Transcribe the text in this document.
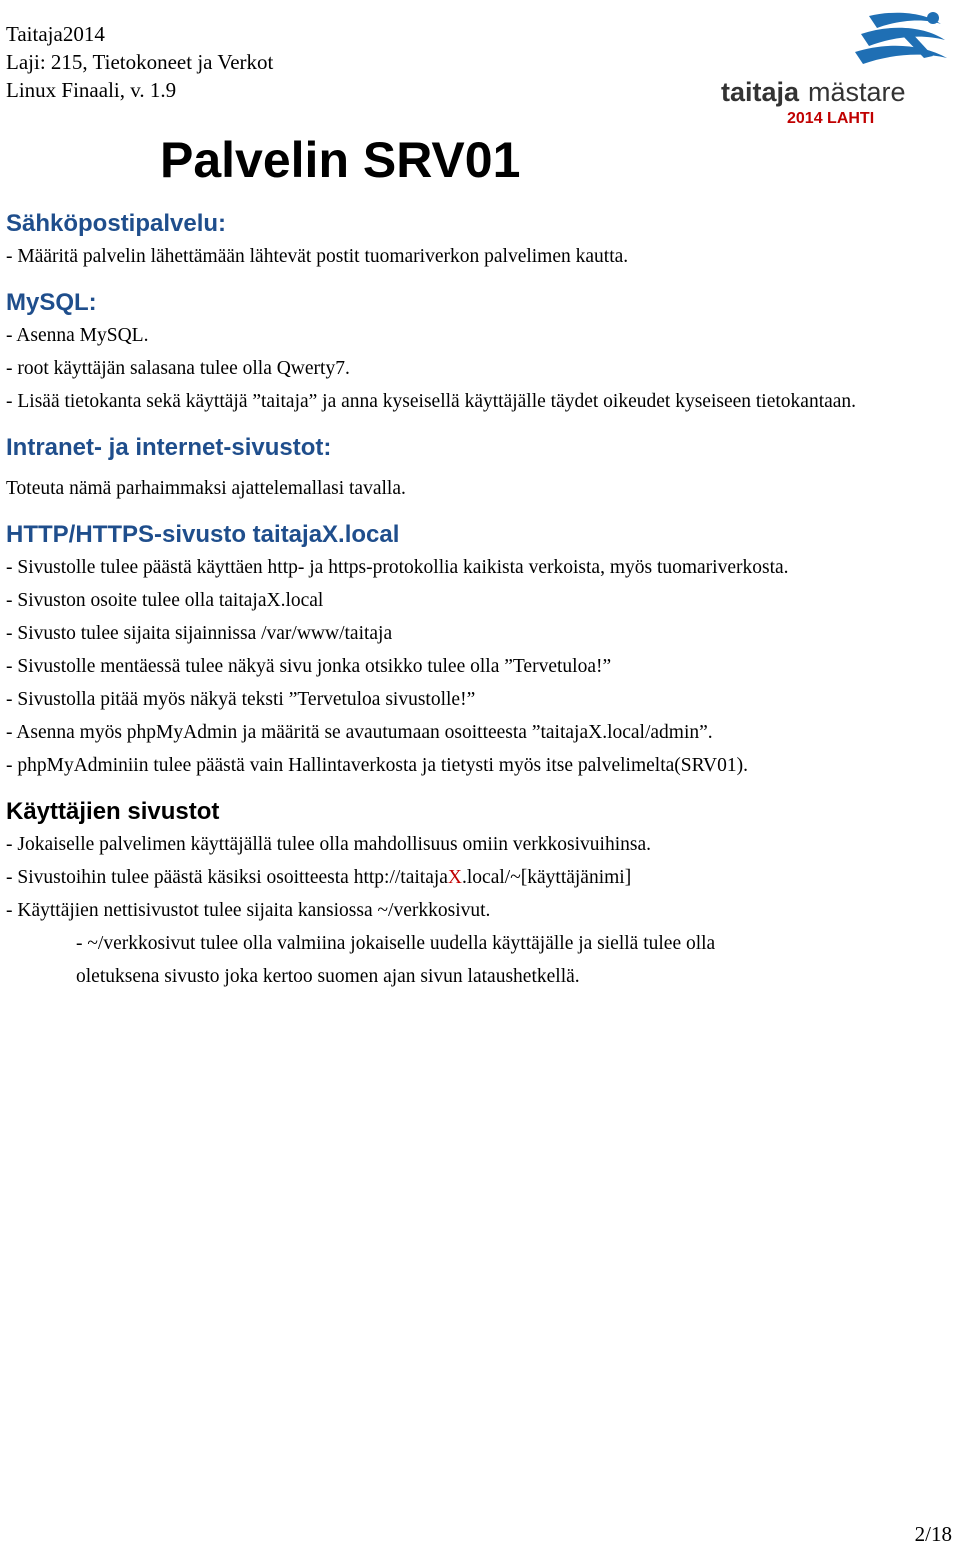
Taitaja2014
Laji: 215, Tietokoneet ja Verkot
Linux Finaali, v. 1.9	taitaja mästare
2014 LAHTI
Palvelin SRV01
Sähköpostipalvelu:

- Määritä palvelin lähettämään lähtevät postit tuomariverkon palvelimen kautta.

MySQL:

- Asenna MySQL.

- root käyttäjän salasana tulee olla Qwerty7.

- Lisää tietokanta sekä käyttäjä ”taitaja” ja anna kyseisellä käyttäjälle täydet oikeudet kyseiseen tietokantaan.

Intranet- ja internet-sivustot:

Toteuta nämä parhaimmaksi ajattelemallasi tavalla.

HTTP/HTTPS-sivusto taitajaX.local

- Sivustolle tulee päästä käyttäen http- ja https-protokollia kaikista verkoista, myös tuomariverkosta.

- Sivuston osoite tulee olla taitajaX.local

- Sivusto tulee sijaita sijainnissa /var/www/taitaja

- Sivustolle mentäessä tulee näkyä sivu jonka otsikko tulee olla ”Tervetuloa!”

- Sivustolla pitää myös näkyä teksti ”Tervetuloa sivustolle!”

- Asenna myös phpMyAdmin ja määritä se avautumaan osoitteesta ”taitajaX.local/admin”.

- phpMyAdminiin tulee päästä vain Hallintaverkosta ja tietysti myös itse palvelimelta(SRV01).

Käyttäjien sivustot

- Jokaiselle palvelimen käyttäjällä tulee olla mahdollisuus omiin verkkosivuihinsa.

- Sivustoihin tulee päästä käsiksi osoitteesta http://taitajaX.local/~[käyttäjänimi]

- Käyttäjien nettisivustot tulee sijaita kansiossa ~/verkkosivut.

- ~/verkkosivut tulee olla valmiina jokaiselle uudella käyttäjälle ja siellä tulee olla

oletuksena sivusto joka kertoo suomen ajan sivun lataushetkellä.

2/18
